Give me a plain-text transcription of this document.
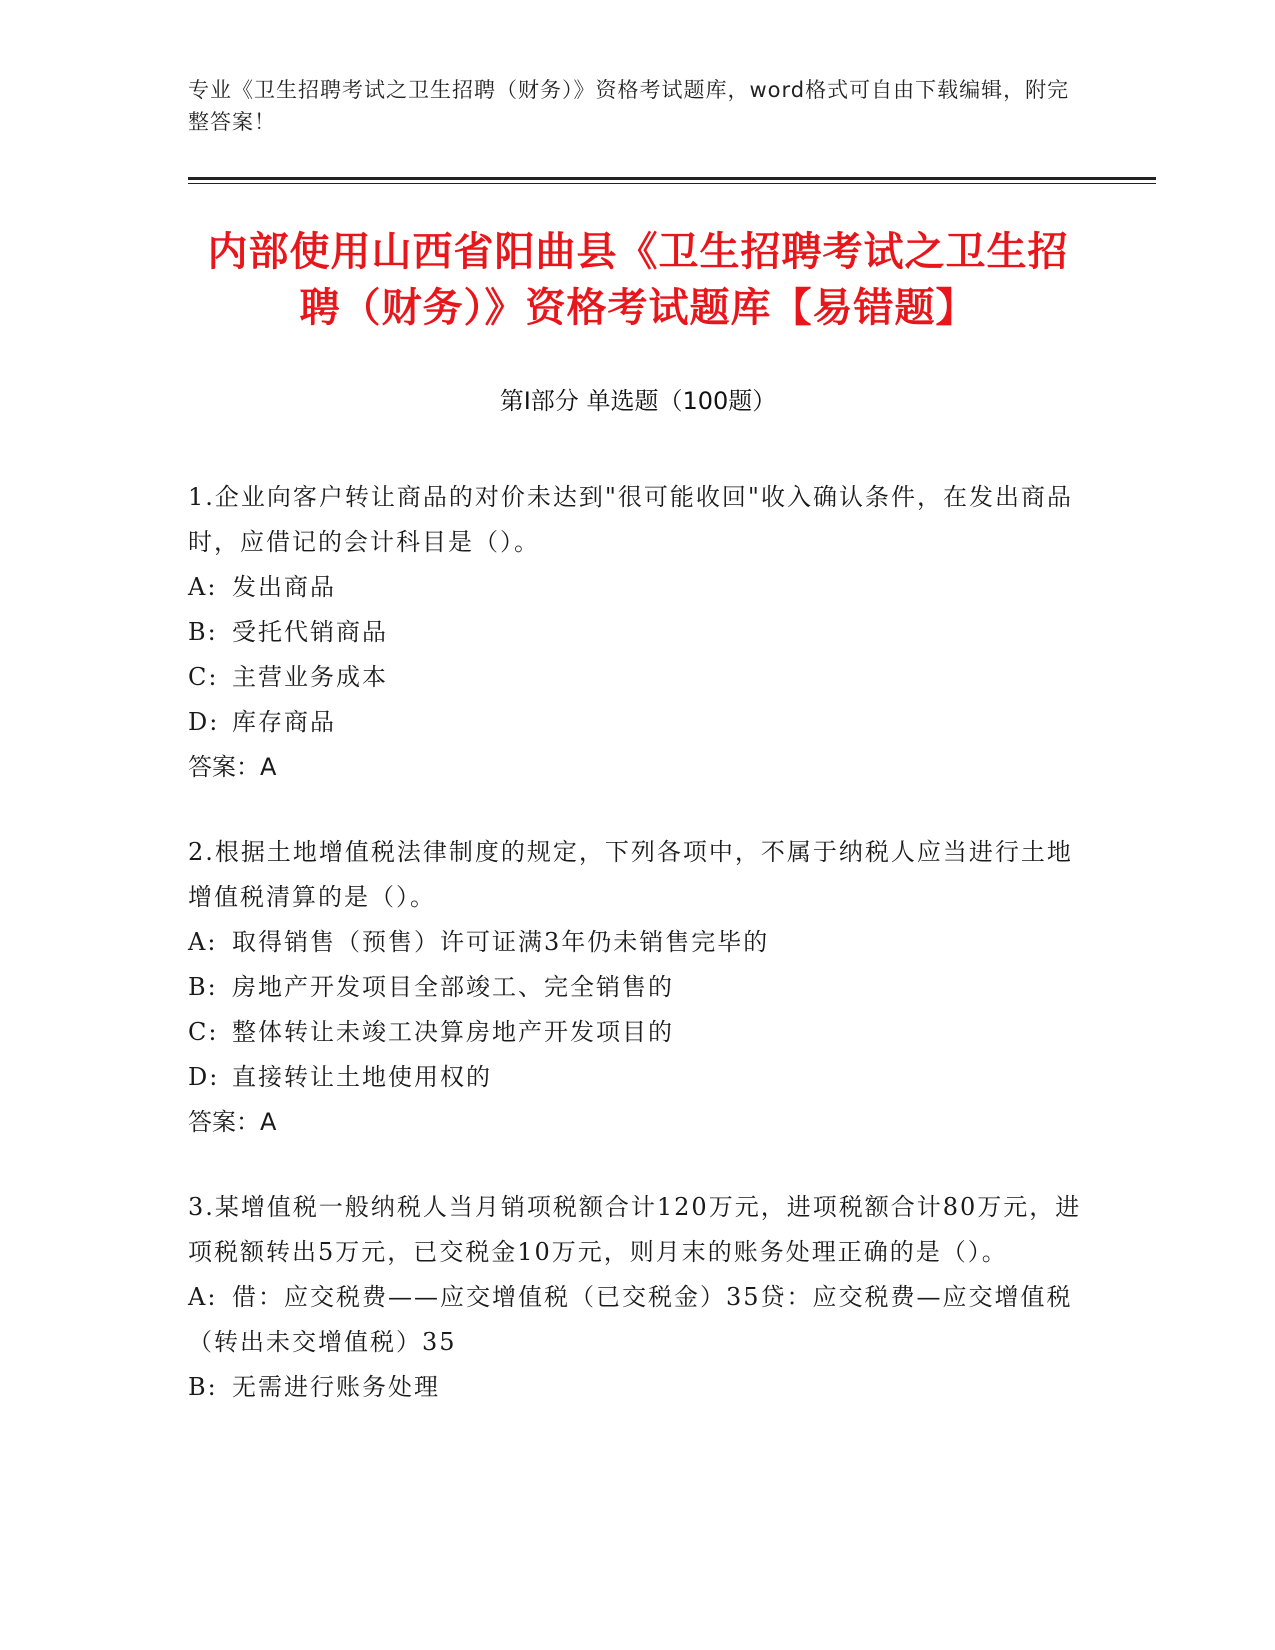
专业《卫生招聘考试之卫生招聘（财务）》资格考试题库，word格式可自由下载编辑，附完整答案！
内部使用山西省阳曲县《卫生招聘考试之卫生招聘（财务）》资格考试题库【易错题】
第Ⅰ部分 单选题（100题）

1.企业向客户转让商品的对价未达到"很可能收回"收入确认条件，在发出商品时，应借记的会计科目是（）。

A: 发出商品

B: 受托代销商品

C: 主营业务成本

D: 库存商品

答案：A

2.根据土地增值税法律制度的规定，下列各项中，不属于纳税人应当进行土地增值税清算的是（）。

A: 取得销售（预售）许可证满3年仍未销售完毕的

B: 房地产开发项目全部竣工、完全销售的

C: 整体转让未竣工决算房地产开发项目的

D: 直接转让土地使用权的

答案：A

3.某增值税一般纳税人当月销项税额合计120万元，进项税额合计80万元，进项税额转出5万元，已交税金10万元，则月末的账务处理正确的是（）。

A: 借：应交税费——应交增值税（已交税金）35贷：应交税费—应交增值税（转出未交增值税）35

B: 无需进行账务处理
